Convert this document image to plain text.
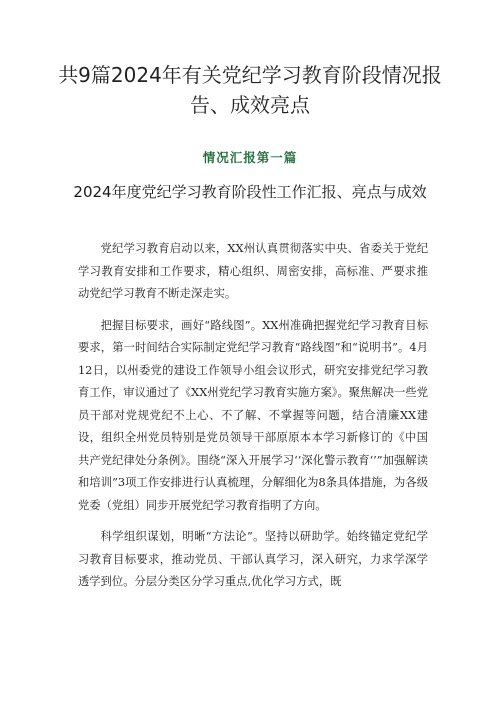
共9篇2024年有关党纪学习教育阶段情况报告、成效亮点
情况汇报第一篇
2024年度党纪学习教育阶段性工作汇报、亮点与成效

党纪学习教育启动以来，XX州认真贯彻落实中央、省委关于党纪学习教育安排和工作要求，精心组织、周密安排，高标准、严要求推动党纪学习教育不断走深走实。

把握目标要求，画好“路线图”。XX州准确把握党纪学习教育目标要求，第一时间结合实际制定党纪学习教育“路线图”和“说明书”。4月12日，以州委党的建设工作领导小组会议形式，研究安排党纪学习教育工作，审议通过了《XX州党纪学习教育实施方案》。聚焦解决一些党员干部对党规党纪不上心、不了解、不掌握等问题，结合清廉XX建设，组织全州党员特别是党员领导干部原原本本学习新修订的《中国共产党纪律处分条例》。围绕“深入开展学习‘’深化警示教育‘’”加强解读和培训”3项工作安排进行认真梳理，分解细化为8条具体措施，为各级党委（党组）同步开展党纪学习教育指明了方向。

科学组织谋划，明晰“方法论”。坚持以研助学。始终锚定党纪学习教育目标要求，推动党员、干部认真学习，深入研究，力求学深学透学到位。分层分类区分学习重点,优化学习方式，既
